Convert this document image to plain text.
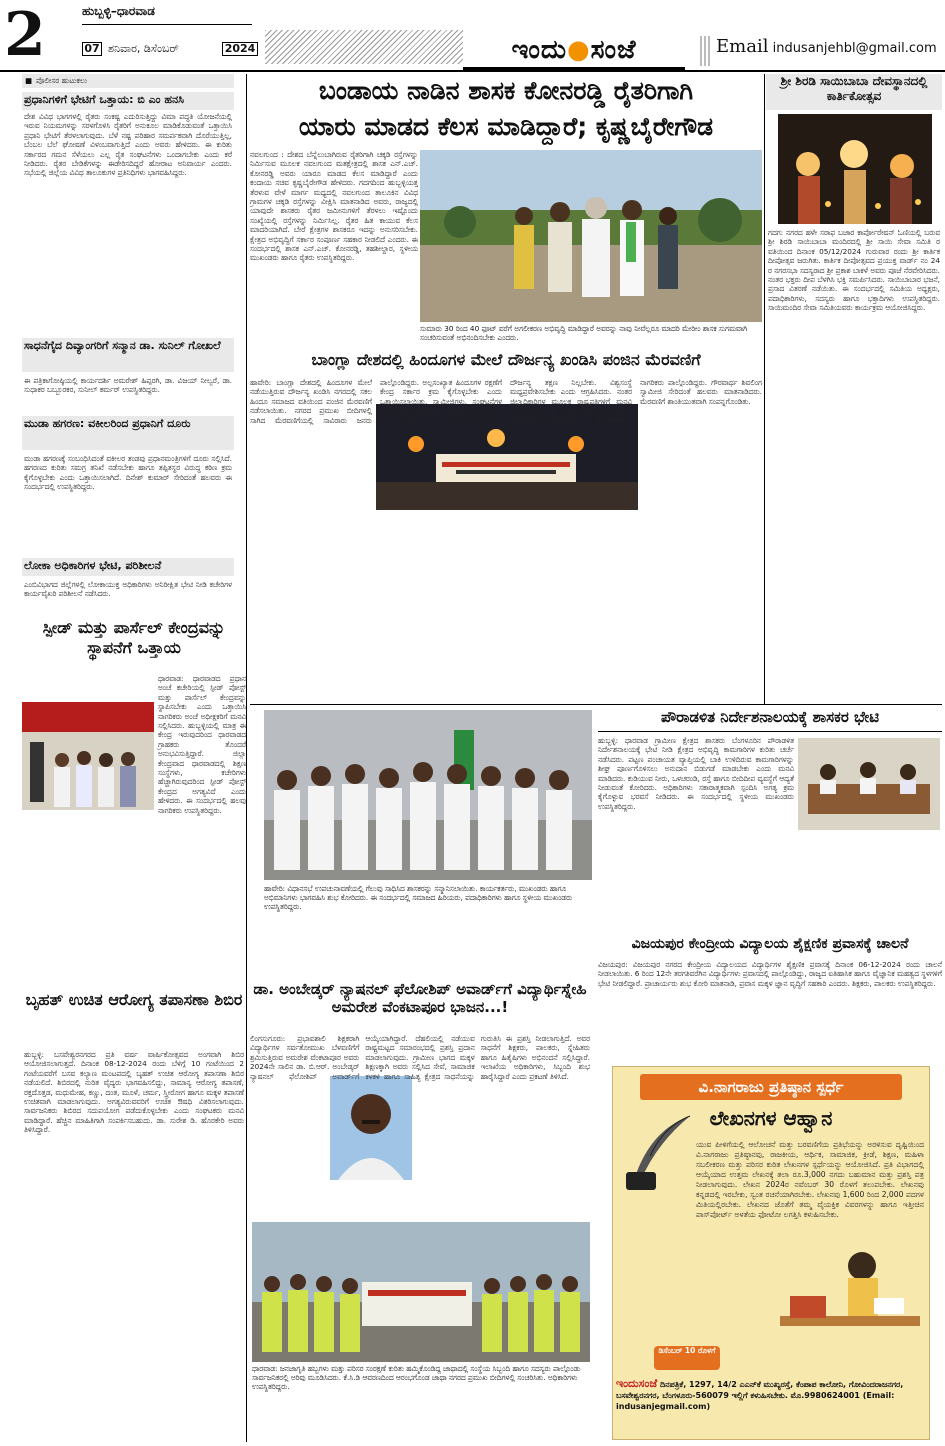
2	ಹುಬ್ಬಳ್ಳಿ–ಧಾರವಾಡ
07 ಶನಿವಾರ, ಡಿಸೆಂಬರ್	2024	ಇಂದು●ಸಂಜೆ	Email indusanjehbl@gmail.com
■ ಪೊಲೀಸರ ಹುಟುಕಲು
ಪ್ರಧಾನಿಗಳಿಗೆ ಭೇಟಿಗೆ ಒತ್ತಾಯ: ಬಿ ಎಂ ಹನಸಿ
ದೇಶ ವಿವಿಧ ಭಾಗಗಳಲ್ಲಿ ರೈತರು ಸಂಕಷ್ಟ ಎದುರಿಸುತ್ತಿದ್ದು ವಿಮಾ ಪದ್ಧತಿ ಯೋಜನೆಯಲ್ಲಿ ಇರುವ ನಿಯಮಗಳನ್ನು ಸರಳಗೊಳಿಸಿ ರೈತರಿಗೆ ಅನುಕೂಲ ಮಾಡಿಕೊಡುವಂತೆ ಒತ್ತಾಯಿಸಿ ಪ್ರಧಾನಿ ಭೇಟಿಗೆ ತೆರಳಲಾಗುವುದು. ಬೆಳೆ ನಷ್ಟ ಪರಿಹಾರ ಸಮರ್ಪಕವಾಗಿ ದೊರೆಯುತ್ತಿಲ್ಲ, ಬೆಂಬಲ ಬೆಲೆ ಘೋಷಣೆ ವಿಳಂಬವಾಗುತ್ತಿದೆ ಎಂದು ಅವರು ಹೇಳಿದರು. ಈ ಕುರಿತು ಸರ್ಕಾರದ ಗಮನ ಸೆಳೆಯಲು ಎಲ್ಲ ರೈತ ಸಂಘಟನೆಗಳು ಒಂದಾಗಬೇಕು ಎಂದು ಕರೆ ನೀಡಿದರು. ರೈತರ ಬೇಡಿಕೆಗಳನ್ನು ಈಡೇರಿಸದಿದ್ದರೆ ಹೋರಾಟ ಅನಿವಾರ್ಯ ಎಂದರು. ಸಭೆಯಲ್ಲಿ ಜಿಲ್ಲೆಯ ವಿವಿಧ ತಾಲೂಕುಗಳ ಪ್ರತಿನಿಧಿಗಳು ಭಾಗವಹಿಸಿದ್ದರು.
ಸಾಧನೆಗೈದ ದಿವ್ಯಾಂಗರಿಗೆ ಸನ್ಮಾನ ಡಾ. ಸುನಿಲ್ ಗೋಖಲೆ
ಈ ಪತ್ರಿಕಾಗೋಷ್ಠಿಯಲ್ಲಿ ಕಾರ್ಯದರ್ಶಿ ಅಮರೇಶ್ ಹಿಪ್ಪರಗಿ, ಡಾ. ವಿಜಯ್ ನೀಲ್ವರೆ, ಡಾ. ಸುಧಾಕರ ಬಬ್ಬೂರಕರ, ಸುನೀಲ್ ಕರ್ಮರ್ ಉಪಸ್ಥಿತರಿದ್ದರು.
ಮುಡಾ ಹಗರಣ: ವಕೀಲರಿಂದ ಪ್ರಧಾನಿಗೆ ದೂರು
ಮುಡಾ ಹಗರಣಕ್ಕೆ ಸಂಬಂಧಿಸಿದಂತೆ ವಕೀಲರ ತಂಡವು ಪ್ರಧಾನಮಂತ್ರಿಗಳಿಗೆ ದೂರು ಸಲ್ಲಿಸಿದೆ. ಹಗರಣದ ಕುರಿತು ಸಮಗ್ರ ತನಿಖೆ ನಡೆಸಬೇಕು ಹಾಗೂ ತಪ್ಪಿತಸ್ಥರ ವಿರುದ್ಧ ಕಠಿಣ ಕ್ರಮ ಕೈಗೊಳ್ಳಬೇಕು ಎಂದು ಒತ್ತಾಯಿಸಲಾಗಿದೆ. ದಿನೇಶ್ ಕುಮಾರ್ ಸೇರಿದಂತೆ ಹಲವರು ಈ ಸಂದರ್ಭದಲ್ಲಿ ಉಪಸ್ಥಿತರಿದ್ದರು.
ಲೋಕಾ ಅಧಿಕಾರಿಗಳ ಭೇಟಿ, ಪರಿಶೀಲನೆ
ಎಂಬಿವಿಭಾಗದ ಜಿಲ್ಲೆಗಳಲ್ಲಿ ಲೋಕಾಯುಕ್ತ ಅಧಿಕಾರಿಗಳು ಅನಿರೀಕ್ಷಿತ ಭೇಟಿ ನೀಡಿ ಕಚೇರಿಗಳ ಕಾರ್ಯವೈಖರಿ ಪರಿಶೀಲನೆ ನಡೆಸಿದರು.
ಸ್ಪೀಡ್ ಮತ್ತು ಪಾರ್ಸೆಲ್ ಕೇಂದ್ರವನ್ನು ಸ್ಥಾಪನೆಗೆ ಒತ್ತಾಯ
ಧಾರವಾಡ: ಧಾರವಾಡದ ಪ್ರಧಾನ ಅಂಚೆ ಕಚೇರಿಯಲ್ಲಿ ಸ್ಪೀಡ್ ಪೋಸ್ಟ್ ಮತ್ತು ಪಾರ್ಸೆಲ್ ಕೇಂದ್ರವನ್ನು ಸ್ಥಾಪಿಸಬೇಕು ಎಂದು ಒತ್ತಾಯಿಸಿ ನಾಗರಿಕರು ಅಂಚೆ ಅಧೀಕ್ಷಕರಿಗೆ ಮನವಿ ಸಲ್ಲಿಸಿದರು. ಹುಬ್ಬಳ್ಳಿಯಲ್ಲಿ ಮಾತ್ರ ಈ ಕೇಂದ್ರ ಇರುವುದರಿಂದ ಧಾರವಾಡದ ಗ್ರಾಹಕರು ತೊಂದರೆ ಅನುಭವಿಸುತ್ತಿದ್ದಾರೆ. ಜಿಲ್ಲಾ ಕೇಂದ್ರವಾದ ಧಾರವಾಡದಲ್ಲಿ ಶಿಕ್ಷಣ ಸಂಸ್ಥೆಗಳು, ಕಚೇರಿಗಳು ಹೆಚ್ಚಾಗಿರುವುದರಿಂದ ಸ್ಪೀಡ್ ಪೋಸ್ಟ್ ಕೇಂದ್ರದ ಅಗತ್ಯವಿದೆ ಎಂದು ಹೇಳಿದರು. ಈ ಸಂದರ್ಭದಲ್ಲಿ ಹಲವು ನಾಗರಿಕರು ಉಪಸ್ಥಿತರಿದ್ದರು.
ಬೃಹತ್ ಉಚಿತ ಆರೋಗ್ಯ ತಪಾಸಣಾ ಶಿಬಿರ
ಹುಬ್ಬಳ್ಳಿ: ಬಸವೇಶ್ವರನಗರದ ಪ್ರತಿ ವರ್ಷ ವಾರ್ಷಿಕೋತ್ಸವದ ಅಂಗವಾಗಿ ಶಿಬಿರ ಆಯೋಜಿಸಲಾಗುತ್ತದೆ. ದಿನಾಂಕ 08-12-2024 ರಂದು ಬೆಳಿಗ್ಗೆ 10 ಗಂಟೆಯಿಂದ 2 ಗಂಟೆಯವರೆಗೆ ಬಸವ ಕಲ್ಯಾಣ ಮಂಟಪದಲ್ಲಿ ಬೃಹತ್ ಉಚಿತ ಆರೋಗ್ಯ ತಪಾಸಣಾ ಶಿಬಿರ ನಡೆಯಲಿದೆ. ಶಿಬಿರದಲ್ಲಿ ನುರಿತ ವೈದ್ಯರು ಭಾಗವಹಿಸಲಿದ್ದು, ಸಾಮಾನ್ಯ ಆರೋಗ್ಯ ತಪಾಸಣೆ, ರಕ್ತದೊತ್ತಡ, ಮಧುಮೇಹ, ಕಣ್ಣು, ದಂತ, ಮೂಳೆ, ಚರ್ಮ, ಸ್ತ್ರೀರೋಗ ಹಾಗೂ ಮಕ್ಕಳ ತಪಾಸಣೆ ಉಚಿತವಾಗಿ ಮಾಡಲಾಗುವುದು. ಅಗತ್ಯವಿರುವವರಿಗೆ ಉಚಿತ ಔಷಧಿ ವಿತರಿಸಲಾಗುವುದು. ಸಾರ್ವಜನಿಕರು ಶಿಬಿರದ ಸದುಪಯೋಗ ಪಡೆದುಕೊಳ್ಳಬೇಕು ಎಂದು ಸಂಘಟಕರು ಮನವಿ ಮಾಡಿದ್ದಾರೆ. ಹೆಚ್ಚಿನ ಮಾಹಿತಿಗಾಗಿ ಸಂಪರ್ಕಿಸಬಹುದು. ಡಾ. ಸುರೇಶ ಡಿ. ಹೊರಕೇರಿ ಅವರು ತಿಳಿಸಿದ್ದಾರೆ.
ಬಂಡಾಯ ನಾಡಿನ ಶಾಸಕ ಕೋನರಡ್ಡಿ ರೈತರಿಗಾಗಿ
ಯಾರು ಮಾಡದ ಕೆಲಸ ಮಾಡಿದ್ದಾರೆ; ಕೃಷ್ಣಬೈರೇಗೌಡ
ನವಲಗುಂದ : ದೇಶದ ಬೆನ್ನೆಲುಬಾಗಿರುವ ರೈತರಿಗಾಗಿ ಚಕ್ಕಡಿ ರಸ್ತೆಗಳನ್ನು ನಿರ್ಮಿಸುವ ಮೂಲಕ ನವಲಗುಂದ ಮತಕ್ಷೇತ್ರದಲ್ಲಿ ಶಾಸಕ ಎನ್.ಎಚ್. ಕೋನರಡ್ಡಿ ಅವರು ಯಾರೂ ಮಾಡದ ಕೆಲಸ ಮಾಡಿದ್ದಾರೆ ಎಂದು ಕಂದಾಯ ಸಚಿವ ಕೃಷ್ಣಬೈರೇಗೌಡ ಹೇಳಿದರು. ಗದಗದಿಂದ ಹುಬ್ಬಳ್ಳಿಯತ್ತ ತೆರಳುವ ವೇಳೆ ಮಾರ್ಗ ಮಧ್ಯದಲ್ಲಿ ನವಲಗುಂದ ತಾಲೂಕಿನ ವಿವಿಧ ಗ್ರಾಮಗಳ ಚಕ್ಕಡಿ ರಸ್ತೆಗಳನ್ನು ವೀಕ್ಷಿಸಿ ಮಾತನಾಡಿದ ಅವರು, ರಾಜ್ಯದಲ್ಲಿ ಯಾವುದೇ ಶಾಸಕರು ರೈತರ ಜಮೀನುಗಳಿಗೆ ತೆರಳಲು ಇಷ್ಟೊಂದು ಸಂಖ್ಯೆಯಲ್ಲಿ ರಸ್ತೆಗಳನ್ನು ನಿರ್ಮಿಸಿಲ್ಲ. ರೈತರ ಹಿತ ಕಾಯುವ ಕೆಲಸ ಮಾದರಿಯಾಗಿದೆ. ಬೇರೆ ಕ್ಷೇತ್ರಗಳ ಶಾಸಕರೂ ಇದನ್ನು ಅನುಸರಿಸಬೇಕು. ಕ್ಷೇತ್ರದ ಅಭಿವೃದ್ಧಿಗೆ ಸರ್ಕಾರ ಸಂಪೂರ್ಣ ಸಹಕಾರ ನೀಡಲಿದೆ ಎಂದರು. ಈ ಸಂದರ್ಭದಲ್ಲಿ ಶಾಸಕ ಎನ್.ಎಚ್. ಕೋನರಡ್ಡಿ, ತಹಶೀಲ್ದಾರ, ಸ್ಥಳೀಯ ಮುಖಂಡರು ಹಾಗೂ ರೈತರು ಉಪಸ್ಥಿತರಿದ್ದರು.
ಸುಮಾರು 30 ರಿಂದ 40 ಫೂಟ್ ವರೆಗೆ ಅಗಲೀಕರಣ ಅಭಿವೃದ್ಧಿ ಮಾಡಿದ್ದಾರೆ ಅವರನ್ನು ನಾವು ನೀವೆಲ್ಲರೂ ಮಾದರಿ ಮೇರೀಂ ಶಾಸಕ ಸುಗಮವಾಗಿ ಸಂಚರಿಸುವಂತೆ ಅಭಿನಂದಿಸಬೇಕು ಎಂದರು.
ಶ್ರೀ ಶಿರಡಿ ಸಾಯಿಬಾಬಾ ದೇವಸ್ಥಾನದಲ್ಲಿ ಕಾರ್ತಿಕೋತ್ಸವ
ಗದಗ: ನಗರದ ಹಳೇ ಸರಾಫ ಬಜಾರ ಕಾರ್ಪೋರೇಷನ್ ಓಣಿಯಲ್ಲಿ ಬರುವ ಶ್ರೀ ಶಿರಡಿ ಸಾಯಿಬಾಬಾ ಮಂದಿರದಲ್ಲಿ ಶ್ರೀ ಸಾಯಿ ಸೇವಾ ಸಮಿತಿ ರ ವತಿಯಿಂದ ದಿನಾಂಕ 05/12/2024 ಗುರುವಾರ ರಂದು ಶ್ರೀ ಕಾರ್ತಿಕ ದೀಪೋತ್ಸವ ಜರುಗಿತು. ಕಾರ್ತಿಕ ದೀಪೋತ್ಸವದ ಪ್ರಯುಕ್ತ ವಾರ್ಡ್ ನಂ 24 ರ ನಗರಸಭಾ ಸದಸ್ಯರಾದ ಶ್ರೀ ಪ್ರಕಾಶ ಬಾಕಳೆ ಅವರು ಪೂಜೆ ನೆರವೇರಿಸಿದರು. ನಂತರ ಭಕ್ತರು ದೀಪ ಬೆಳಗಿಸಿ ಭಕ್ತಿ ಸಮರ್ಪಿಸಿದರು. ಸಾಯಿಬಾಬಾರ ಭಜನೆ, ಪ್ರಸಾದ ವಿತರಣೆ ನಡೆಯಿತು. ಈ ಸಂದರ್ಭದಲ್ಲಿ ಸಮಿತಿಯ ಅಧ್ಯಕ್ಷರು, ಪದಾಧಿಕಾರಿಗಳು, ಸದಸ್ಯರು ಹಾಗೂ ಭಕ್ತಾದಿಗಳು ಉಪಸ್ಥಿತರಿದ್ದರು. ಸಾಯಿಮಂದಿರ ಸೇವಾ ಸಮಿತಿಯವರು ಕಾರ್ಯಕ್ರಮ ಆಯೋಜಿಸಿದ್ದರು.
ಬಾಂಗ್ಲಾ ದೇಶದಲ್ಲಿ ಹಿಂದೂಗಳ ಮೇಲೆ ದೌರ್ಜನ್ಯ ಖಂಡಿಸಿ ಪಂಜಿನ ಮೆರವಣಿಗೆ
ಹಾವೇರಿ: ಬಾಂಗ್ಲಾ ದೇಶದಲ್ಲಿ ಹಿಂದೂಗಳ ಮೇಲೆ ನಡೆಯುತ್ತಿರುವ ದೌರ್ಜನ್ಯ ಖಂಡಿಸಿ ನಗರದಲ್ಲಿ ಸಕಲ ಹಿಂದೂ ಸಮಾಜದ ವತಿಯಿಂದ ಪಂಜಿನ ಮೆರವಣಿಗೆ ನಡೆಸಲಾಯಿತು. ನಗರದ ಪ್ರಮುಖ ಬೀದಿಗಳಲ್ಲಿ ಸಾಗಿದ ಮೆರವಣಿಗೆಯಲ್ಲಿ ಸಾವಿರಾರು ಜನರು ಪಾಲ್ಗೊಂಡಿದ್ದರು. ಅಲ್ಪಸಂಖ್ಯಾತ ಹಿಂದೂಗಳ ರಕ್ಷಣೆಗೆ ಕೇಂದ್ರ ಸರ್ಕಾರ ಕ್ರಮ ಕೈಗೊಳ್ಳಬೇಕು ಎಂದು ಒತ್ತಾಯಿಸಲಾಯಿತು. ಸ್ವಾಮೀಜಿಗಳು, ಸಂಘಟನೆಗಳ ಮುಖಂಡರು ಮಾತನಾಡಿ, ದೇವಸ್ಥಾನಗಳ ಮೇಲಿನ ದಾಳಿ, ಮನೆಗಳ ಲೂಟಿ, ಮಹಿಳೆಯರ ಮೇಲಿನ ದೌರ್ಜನ್ಯ ತಕ್ಷಣ ನಿಲ್ಲಬೇಕು. ವಿಶ್ವಸಂಸ್ಥೆ ಮಧ್ಯಪ್ರವೇಶಿಸಬೇಕು ಎಂದು ಆಗ್ರಹಿಸಿದರು. ನಂತರ ಜಿಲ್ಲಾಧಿಕಾರಿಗಳ ಮೂಲಕ ರಾಷ್ಟ್ರಪತಿಗಳಿಗೆ ಮನವಿ ಸಲ್ಲಿಸಲಾಯಿತು. ಈ ಸಂದರ್ಭದಲ್ಲಿ ವಿವಿಧ ಹಿಂದೂ ಸಂಘಟನೆಗಳ ಪದಾಧಿಕಾರಿಗಳು, ಕಾರ್ಯಕರ್ತರು, ನಾಗರಿಕರು ಪಾಲ್ಗೊಂಡಿದ್ದರು. ಗೌರವಾರ್ಥ ಶಿವಲಿಂಗ ಸ್ವಾಮೀಜಿ ಸೇರಿದಂತೆ ಹಲವರು ಮಾತನಾಡಿದರು. ಮೆರವಣಿಗೆ ಶಾಂತಿಯುತವಾಗಿ ಸಂಪನ್ನಗೊಂಡಿತು.
ಹಾವೇರಿ: ವಿಧಾನಸಭೆ ಉಪಚುನಾವಣೆಯಲ್ಲಿ ಗೆಲುವು ಸಾಧಿಸಿದ ಶಾಸಕರನ್ನು ಸನ್ಮಾನಿಸಲಾಯಿತು. ಕಾರ್ಯಕರ್ತರು, ಮುಖಂಡರು ಹಾಗೂ ಅಭಿಮಾನಿಗಳು ಭಾಗವಹಿಸಿ ಶುಭ ಕೋರಿದರು. ಈ ಸಂದರ್ಭದಲ್ಲಿ ಸಮಾಜದ ಹಿರಿಯರು, ಪದಾಧಿಕಾರಿಗಳು ಹಾಗೂ ಸ್ಥಳೀಯ ಮುಖಂಡರು ಉಪಸ್ಥಿತರಿದ್ದರು.
ಪೌರಾಡಳಿತ ನಿರ್ದೇಶನಾಲಯಕ್ಕೆ ಶಾಸಕರ ಭೇಟಿ
ಹುಬ್ಬಳ್ಳಿ: ಧಾರವಾಡ ಗ್ರಾಮೀಣ ಕ್ಷೇತ್ರದ ಶಾಸಕರು ಬೆಂಗಳೂರಿನ ಪೌರಾಡಳಿತ ನಿರ್ದೇಶನಾಲಯಕ್ಕೆ ಭೇಟಿ ನೀಡಿ ಕ್ಷೇತ್ರದ ಅಭಿವೃದ್ಧಿ ಕಾಮಗಾರಿಗಳ ಕುರಿತು ಚರ್ಚೆ ನಡೆಸಿದರು. ಪಟ್ಟಣ ಪಂಚಾಯತ ವ್ಯಾಪ್ತಿಯಲ್ಲಿ ಬಾಕಿ ಉಳಿದಿರುವ ಕಾಮಗಾರಿಗಳನ್ನು ಶೀಘ್ರ ಪೂರ್ಣಗೊಳಿಸಲು ಅನುದಾನ ಬಿಡುಗಡೆ ಮಾಡಬೇಕು ಎಂದು ಮನವಿ ಮಾಡಿದರು. ಕುಡಿಯುವ ನೀರು, ಒಳಚರಂಡಿ, ರಸ್ತೆ ಹಾಗೂ ಬೀದಿದೀಪ ವ್ಯವಸ್ಥೆಗೆ ಆದ್ಯತೆ ನೀಡುವಂತೆ ಕೋರಿದರು. ಅಧಿಕಾರಿಗಳು ಸಕಾರಾತ್ಮಕವಾಗಿ ಸ್ಪಂದಿಸಿ ಅಗತ್ಯ ಕ್ರಮ ಕೈಗೊಳ್ಳುವ ಭರವಸೆ ನೀಡಿದರು. ಈ ಸಂದರ್ಭದಲ್ಲಿ ಸ್ಥಳೀಯ ಮುಖಂಡರು ಉಪಸ್ಥಿತರಿದ್ದರು.
ವಿಜಯಪುರ ಕೇಂದ್ರೀಯ ವಿದ್ಯಾಲಯ ಶೈಕ್ಷಣಿಕ ಪ್ರವಾಸಕ್ಕೆ ಚಾಲನೆ
ವಿಜಯಪುರ: ವಿಜಯಪುರ ನಗರದ ಕೇಂದ್ರೀಯ ವಿದ್ಯಾಲಯದ ವಿದ್ಯಾರ್ಥಿಗಳ ಶೈಕ್ಷಣಿಕ ಪ್ರವಾಸಕ್ಕೆ ದಿನಾಂಕ 06-12-2024 ರಂದು ಚಾಲನೆ ನೀಡಲಾಯಿತು. 6 ರಿಂದ 12ನೇ ತರಗತಿವರೆಗಿನ ವಿದ್ಯಾರ್ಥಿಗಳು ಪ್ರವಾಸದಲ್ಲಿ ಪಾಲ್ಗೊಂಡಿದ್ದು, ರಾಜ್ಯದ ಐತಿಹಾಸಿಕ ಹಾಗೂ ವೈಜ್ಞಾನಿಕ ಮಹತ್ವದ ಸ್ಥಳಗಳಿಗೆ ಭೇಟಿ ನೀಡಲಿದ್ದಾರೆ. ಪ್ರಾಚಾರ್ಯರು ಶುಭ ಕೋರಿ ಮಾತನಾಡಿ, ಪ್ರವಾಸ ಮಕ್ಕಳ ಜ್ಞಾನ ವೃದ್ಧಿಗೆ ಸಹಕಾರಿ ಎಂದರು. ಶಿಕ್ಷಕರು, ಪಾಲಕರು ಉಪಸ್ಥಿತರಿದ್ದರು.
ಡಾ. ಅಂಬೇಡ್ಕರ್ ನ್ಯಾಷನಲ್ ಫೆಲೋಶಿಪ್ ಅವಾರ್ಡ್‌ಗೆ ವಿದ್ಯಾರ್ಥಿಸ್ನೇಹಿ ಅಮರೇಶ ವೆಂಕಟಾಪೂರ ಭಾಜನ...!
ಲಿಂಗಸುಗೂರು: ಪ್ರಭಾವಶಾಲಿ ಶಿಕ್ಷಕರಾಗಿ ವಿದ್ಯಾರ್ಥಿಗಳ ಸರ್ವತೋಮುಖ ಬೆಳವಣಿಗೆಗೆ ಶ್ರಮಿಸುತ್ತಿರುವ ಅಮರೇಶ ವೆಂಕಟಾಪೂರ ಅವರು 2024ನೇ ಸಾಲಿನ ಡಾ. ಬಿ.ಆರ್. ಅಂಬೇಡ್ಕರ್ ನ್ಯಾಷನಲ್ ಫೆಲೋಶಿಪ್ ಅವಾರ್ಡ್‌ಗೆ ಆಯ್ಕೆಯಾಗಿದ್ದಾರೆ. ದೆಹಲಿಯಲ್ಲಿ ನಡೆಯುವ ರಾಷ್ಟ್ರಮಟ್ಟದ ಸಮಾರಂಭದಲ್ಲಿ ಪ್ರಶಸ್ತಿ ಪ್ರದಾನ ಮಾಡಲಾಗುವುದು. ಗ್ರಾಮೀಣ ಭಾಗದ ಮಕ್ಕಳ ಶಿಕ್ಷಣಕ್ಕಾಗಿ ಅವರು ಸಲ್ಲಿಸಿದ ಸೇವೆ, ಸಾಮಾಜಿಕ ಕಳಕಳಿ ಹಾಗೂ ಸಾಹಿತ್ಯ ಕ್ಷೇತ್ರದ ಸಾಧನೆಯನ್ನು ಗುರುತಿಸಿ ಈ ಪ್ರಶಸ್ತಿ ನೀಡಲಾಗುತ್ತಿದೆ. ಅವರ ಸಾಧನೆಗೆ ಶಿಕ್ಷಕರು, ಪಾಲಕರು, ಸ್ನೇಹಿತರು ಹಾಗೂ ಹಿತೈಷಿಗಳು ಅಭಿನಂದನೆ ಸಲ್ಲಿಸಿದ್ದಾರೆ. ಇಲಾಖೆಯ ಅಧಿಕಾರಿಗಳು, ಸಿಬ್ಬಂದಿ ಶುಭ ಹಾರೈಸಿದ್ದಾರೆ ಎಂದು ಪ್ರಕಟಣೆ ತಿಳಿಸಿದೆ.
ಧಾರವಾಡ: ಜನಜಾಗೃತಿ ಹಬ್ಬಗಳು ಮತ್ತು ಪರಿಸರ ಸಂರಕ್ಷಣೆ ಕುರಿತು ಹಮ್ಮಿಕೊಂಡಿದ್ದ ಜಾಥಾದಲ್ಲಿ ಸಂಸ್ಥೆಯ ಸಿಬ್ಬಂದಿ ಹಾಗೂ ಸದಸ್ಯರು ಪಾಲ್ಗೊಂಡು ಸಾರ್ವಜನಿಕರಲ್ಲಿ ಅರಿವು ಮೂಡಿಸಿದರು. ಕೆ.ಸಿ.ಡಿ ಆವರಣದಿಂದ ಆರಂಭಗೊಂಡ ಜಾಥಾ ನಗರದ ಪ್ರಮುಖ ಬೀದಿಗಳಲ್ಲಿ ಸಂಚರಿಸಿತು. ಅಧಿಕಾರಿಗಳು ಉಪಸ್ಥಿತರಿದ್ದರು.
ವಿ.ನಾಗರಾಜು ಪ್ರತಿಷ್ಠಾನ ಸ್ಪರ್ಧೆ
ಲೇಖನಗಳ ಆಹ್ವಾನ
ಯುವ ಪೀಳಿಗೆಯಲ್ಲಿ ಆಲೋಚನೆ ಮತ್ತು ಬರವಣಿಗೆಯ ಪ್ರತಿಭೆಯನ್ನು ಅರಳಿಸುವ ದೃಷ್ಟಿಯಿಂದ ವಿ.ನಾಗರಾಜು ಪ್ರತಿಷ್ಠಾನವು, ರಾಜಕೀಯ, ಆರ್ಥಿಕ, ಸಾಮಾಜಿಕ, ಕ್ರೀಡೆ, ಶಿಕ್ಷಣ, ಮಹಿಳಾ ಸಬಲೀಕರಣ ಮತ್ತು ಪರಿಸರ ಕುರಿತ ಲೇಖನಗಳ ಸ್ಪರ್ಧೆಯನ್ನು ಆಯೋಜಿಸಿದೆ. ಪ್ರತಿ ವಿಭಾಗದಲ್ಲಿ ಆಯ್ಕೆಯಾದ ಉತ್ತಮ ಲೇಖನಕ್ಕೆ ತಲಾ ರೂ.3,000 ನಗದು ಬಹುಮಾನ ಮತ್ತು ಪ್ರಶಸ್ತಿ ಪತ್ರ ನೀಡಲಾಗುವುದು. ಲೇಖನ 2024ರ ನವೆಂಬರ್ 30 ರೊಳಗೆ ತಲುಪಬೇಕು. ಲೇಖನವು ಕನ್ನಡದಲ್ಲಿ ಇರಬೇಕು, ಸ್ವಂತ ರಚನೆಯಾಗಿರಬೇಕು. ಲೇಖನವು 1,600 ರಿಂದ 2,000 ಪದಗಳ ಮಿತಿಯಲ್ಲಿರಬೇಕು. ಲೇಖನದ ಜೊತೆಗೆ ತಮ್ಮ ವೈಯಕ್ತಿಕ ವಿವರಗಳನ್ನು ಹಾಗೂ ಇತ್ತೀಚಿನ ಪಾಸ್‌ಪೋರ್ಟ್ ಅಳತೆಯ ಫೋಟೋ ಲಗತ್ತಿಸಿ ಕಳುಹಿಸಬೇಕು.
ಡಿಸೆಂಬರ್ 10 ರೊಳಗೆ
ಇಂದುಸಂಜೆ ದಿನಪತ್ರಿಕೆ, 1297, 14/2 ಎಎನ್‌ಕೆ ಮುಖ್ಯರಸ್ತೆ, ಕೆಂಪಾಪ ಕಾಲೋನಿ, ಗೋವಿಂದರಾಜನಗರ, ಬಸವೇಶ್ವರನಗರ, ಬೆಂಗಳೂರು-560079 ಇಲ್ಲಿಗೆ ಕಳುಹಿಸಬೇಕು. ಮೊ.9980624001 (Email: indusanjegmail.com)
